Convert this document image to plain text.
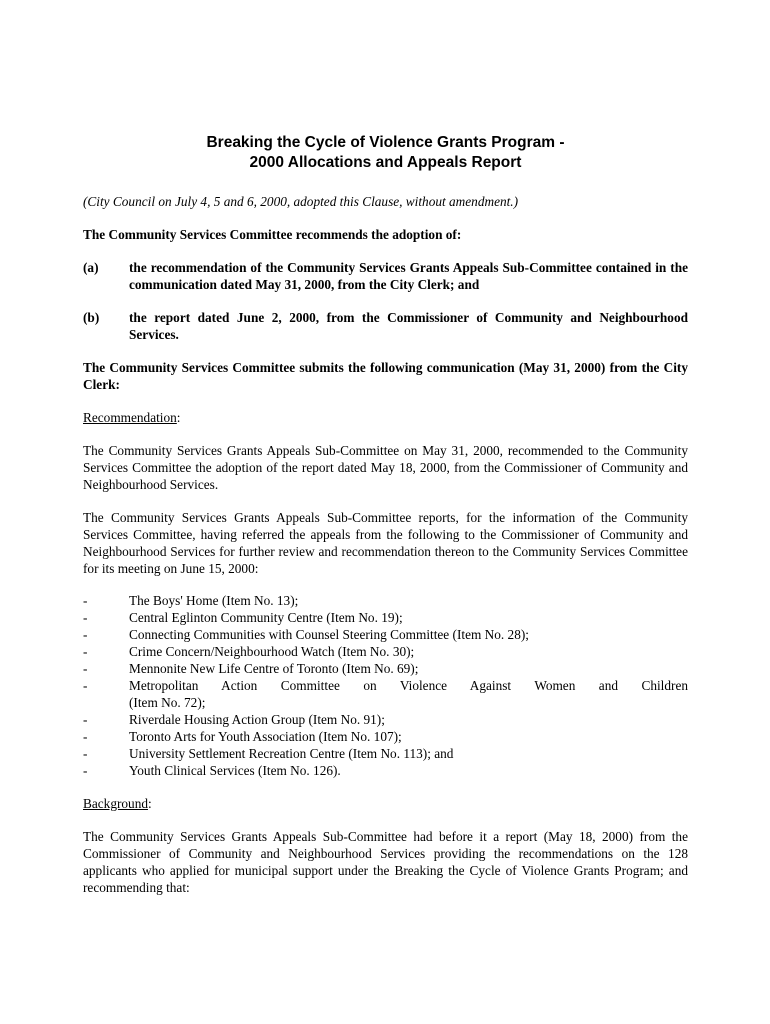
Breaking the Cycle of Violence Grants Program -
2000 Allocations and Appeals Report

(City Council on July 4, 5 and 6, 2000, adopted this Clause, without amendment.)

The Community Services Committee recommends the adoption of:

(a)	the recommendation of the Community Services Grants Appeals Sub-Committee contained in the communication dated May 31, 2000, from the City Clerk; and
(b)	the report dated June 2, 2000, from the Commissioner of Community and Neighbourhood Services.

The Community Services Committee submits the following communication (May 31, 2000) from the City Clerk:

Recommendation:

The Community Services Grants Appeals Sub-Committee on May 31, 2000, recommended to the Community Services Committee the adoption of the report dated May 18, 2000, from the Commissioner of Community and Neighbourhood Services.

The Community Services Grants Appeals Sub-Committee reports, for the information of the Community Services Committee, having referred the appeals from the following to the Commissioner of Community and Neighbourhood Services for further review and recommendation thereon to the Community Services Committee for its meeting on June 15, 2000:

-	The Boys' Home (Item No. 13);
-	Central Eglinton Community Centre (Item No. 19);
-	Connecting Communities with Counsel Steering Committee (Item No. 28);
-	Crime Concern/Neighbourhood Watch (Item No. 30);
-	Mennonite New Life Centre of Toronto (Item No. 69);
-	Metropolitan Action Committee on Violence Against Women and Children
(Item No. 72);
-	Riverdale Housing Action Group (Item No. 91);
-	Toronto Arts for Youth Association (Item No. 107);
-	University Settlement Recreation Centre (Item No. 113); and
-	Youth Clinical Services (Item No. 126).

Background:

The Community Services Grants Appeals Sub-Committee had before it a report (May 18, 2000) from the Commissioner of Community and Neighbourhood Services providing the recommendations on the 128 applicants who applied for municipal support under the Breaking the Cycle of Violence Grants Program; and recommending that:
